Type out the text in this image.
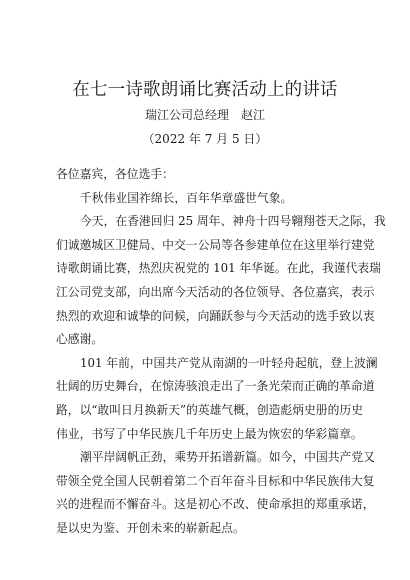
在七一诗歌朗诵比赛活动上的讲话
瑞江公司总经理　赵江
（2022 年 7 月 5 日）
各位嘉宾，各位选手：
千秋伟业国祚绵长，百年华章盛世气象。
今天，在香港回归 25 周年、神舟十四号翱翔苍天之际，我
们诚邀城区卫健局、中交一公局等各参建单位在这里举行建党
诗歌朗诵比赛，热烈庆祝党的 101 年华诞。在此，我谨代表瑞
江公司党支部，向出席今天活动的各位领导、各位嘉宾，表示
热烈的欢迎和诚挚的问候，向踊跃参与今天活动的选手致以衷
心感谢。
101 年前，中国共产党从南湖的一叶轻舟起航，登上波澜
壮阔的历史舞台，在惊涛骇浪走出了一条光荣而正确的革命道
路，以“敢叫日月换新天”的英雄气概，创造彪炳史册的历史
伟业，书写了中华民族几千年历史上最为恢宏的华彩篇章。
潮平岸阔帆正劲，乘势开拓谱新篇。如今，中国共产党又
带领全党全国人民朝着第二个百年奋斗目标和中华民族伟大复
兴的进程而不懈奋斗。这是初心不改、使命承担的郑重承诺，
是以史为鉴、开创未来的崭新起点。
